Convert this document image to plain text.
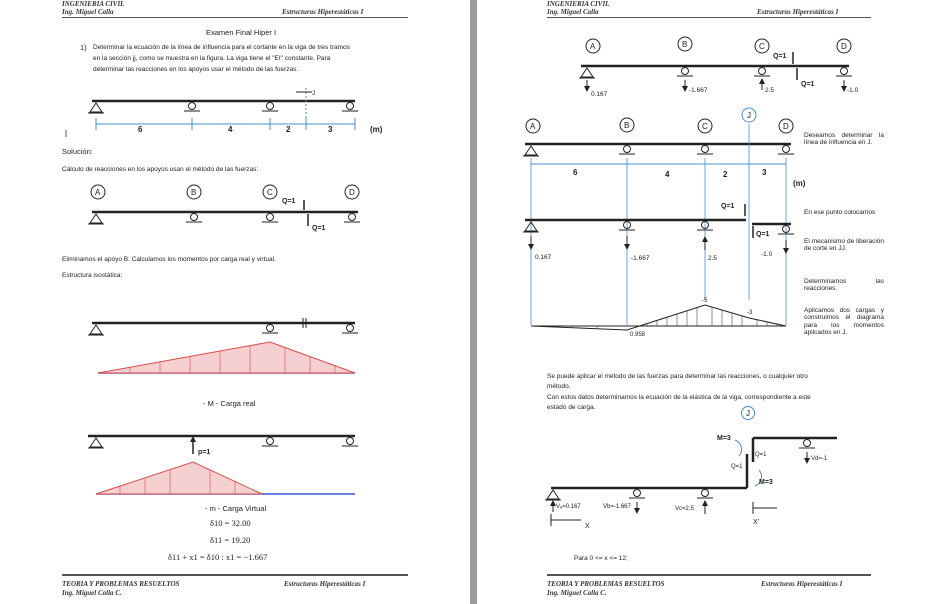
INGENIERIA CIVIL
Ing. Miguel Calla	Estructuras Hiperestáticas I
Examen Final Hiper I
1) Determinar la ecuación de la línea de influencia para el cortante en la viga de tres tramos
en la sección jj, como se muestra en la figura. La viga tiene el "EI" constante. Para
determinar las reacciones en los apoyos usar el método de las fuerzas.
6	4	2	3	(m)
J
A	B	C	D
Q=1
Q=1
p=1
Solución:
Cálculo de reacciones en los apoyos usan el método de las fuerzas:
Eliminamos el apoyo B: Calculamos los momentos por carga real y virtual.
Estructura isostática:
- M - Carga real
- m - Carga Virtual
δ10 = 32.00
δ11 = 19.20
δ11 + x1 = δ10 : x1 = −1.667
TEORIA Y PROBLEMAS RESUELTOS
Ing. Miguel Calla C.
Estructuras Hiperestáticas I
INGENIERIA CIVIL
Ing. Miguel Calla	Estructuras Hiperestáticas I
A	B	C	D
Q=1
Q=1
0.167
-1.667	2.5	-1.0
A	B	C
J
D
6	4	2	3
(m)
Q=1
Q=1
0.167	-1.667	2.5
-1.0
-5
-3
0.958
J
M=3
M=3
Q=1
Q=1
Vₐ=0.167	Vb=-1.667	Vc=2.5
Vd=-1
X
X'
Deseamos determinar la línea de influencia en J.
En ese punto colocamos
El mecanismo de liberación de corte en JJ.
Determinamos las reacciones.
Aplicamos dos cargas y construimos el diagrama para los momentos aplicados en J.
Se puede aplicar el método de las fuerzas para determinar las reacciones, o cualquier otro
método.
Con estos datos determinamos la ecuación de la elástica de la viga, correspondiente a este
estado de carga.
Para 0 <= x <= 12;
TEORIA Y PROBLEMAS RESUELTOS
Ing. Miguel Calla C.
Estructuras Hiperestáticas I
